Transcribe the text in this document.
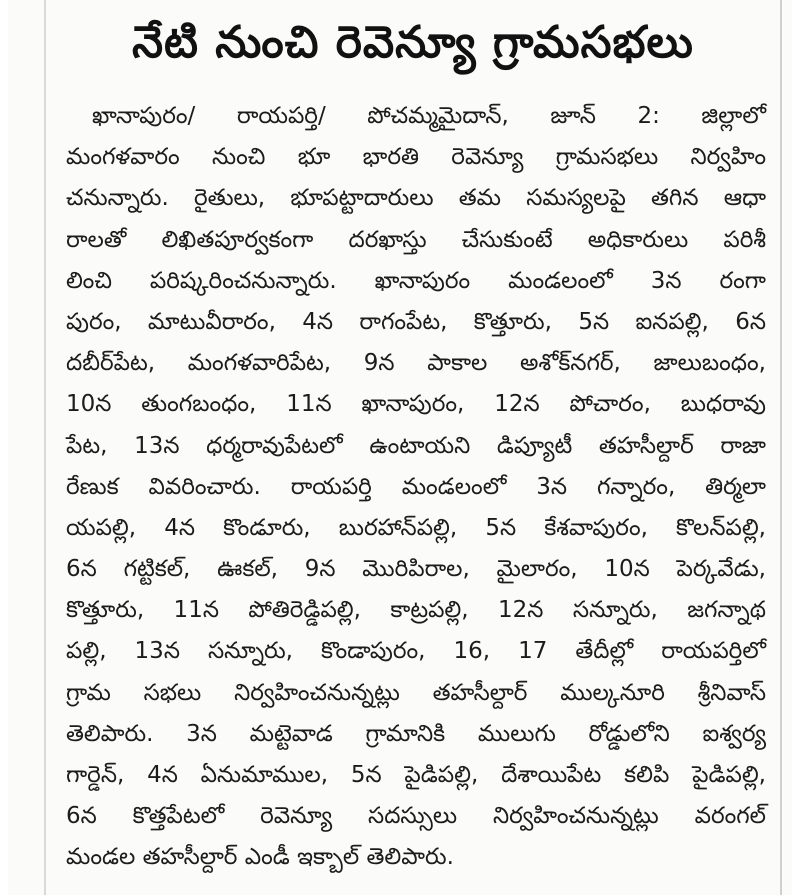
నేటి నుంచి రెవెన్యూ గ్రామసభలు
ఖానాపురం/ రాయపర్తి/ పోచమ్మమైదాన్, జూన్ 2: జిల్లాలో
మంగళవారం నుంచి భూ భారతి రెవెన్యూ గ్రామసభలు నిర్వహిం
చనున్నారు. రైతులు, భూపట్టాదారులు తమ సమస్యలపై తగిన ఆధా
రాలతో లిఖితపూర్వకంగా దరఖాస్తు చేసుకుంటే అధికారులు పరిశీ
లించి పరిష్కరించనున్నారు. ఖానాపురం మండలంలో 3న రంగా
పురం, మాటువీరారం, 4న రాగంపేట, కొత్తూరు, 5న ఐనపల్లి, 6న
దబీర్‌పేట, మంగళవారిపేట, 9న పాకాల అశోక్‌నగర్, జాలుబంధం,
10న తుంగబంధం, 11న ఖానాపురం, 12న పోచారం, బుధరావు
పేట, 13న ధర్మరావుపేటలో ఉంటాయని డిప్యూటీ తహసీల్దార్ రాజా
రేణుక వివరించారు. రాయపర్తి మండలంలో 3న గన్నారం, తిర్మలా
యపల్లి, 4న కొండూరు, బురహాన్‌పల్లి, 5న కేశవాపురం, కొలన్‌పల్లి,
6న గట్టికల్, ఊకల్, 9న మొరిపిరాల, మైలారం, 10న పెర్కవేడు,
కొత్తూరు, 11న పోతిరెడ్డిపల్లి, కాట్రపల్లి, 12న సన్నూరు, జగన్నాథ
పల్లి, 13న సన్నూరు, కొండాపురం, 16, 17 తేదీల్లో రాయపర్తిలో
గ్రామ సభలు నిర్వహించనున్నట్లు తహసీల్దార్ ముల్కనూరి శ్రీనివాస్
తెలిపారు. 3న మట్టెవాడ గ్రామానికి ములుగు రోడ్డులోని ఐశ్వర్య
గార్డెన్, 4న ఏనుమాముల, 5న పైడిపల్లి, దేశాయిపేట కలిపి పైడిపల్లి,
6న కొత్తపేటలో రెవెన్యూ సదస్సులు నిర్వహించనున్నట్లు వరంగల్
మండల తహసీల్దార్ ఎండీ ఇక్బాల్ తెలిపారు.
